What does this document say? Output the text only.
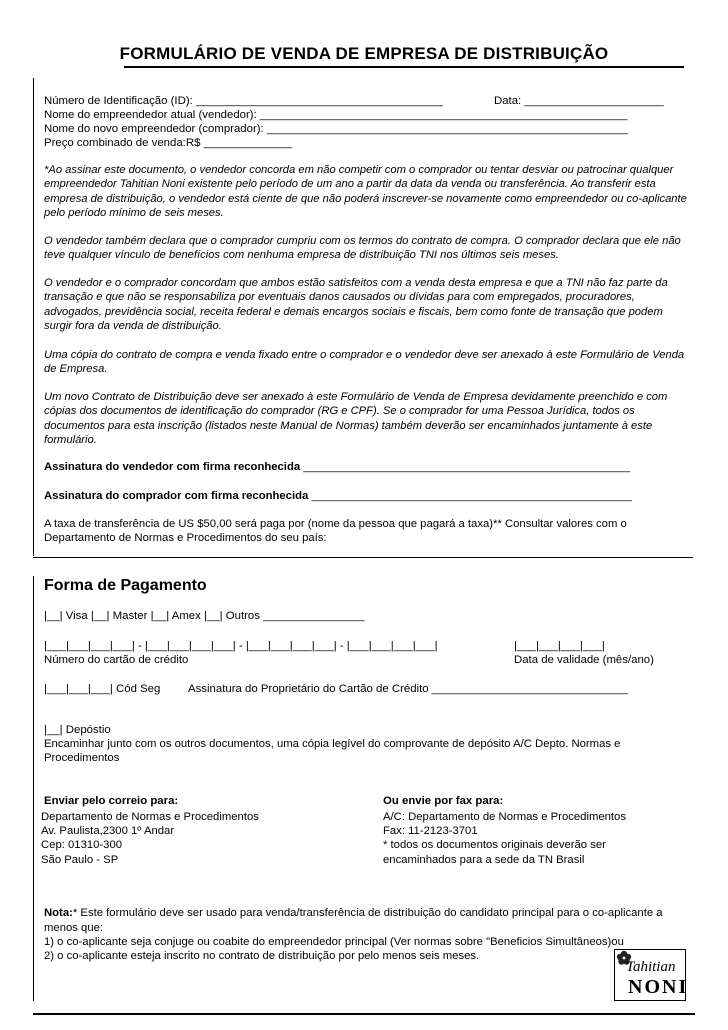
FORMULÁRIO DE VENDA DE EMPRESA DE DISTRIBUIÇÃO
Número de Identificação (ID): _______________________________________	Data: ______________________
Nome do empreendedor atual (vendedor): __________________________________________________________
Nome do novo empreendedor (comprador): _________________________________________________________
Preço combinado de venda:R$ ______________
*Ao assinar este documento, o vendedor concorda em não competir com o comprador ou tentar desviar ou patrocinar qualquer empreendedor Tahitian Noni existente pelo período de um ano a partir da data da venda ou transferência. Ao transferir esta empresa de distribuição, o vendedor está ciente de que não poderá inscrever-se novamente como empreendedor ou co-aplicante pelo período mínimo de seis meses.
O vendedor também declara que o comprador cumpriu com os termos do contrato de compra. O comprador declara que ele não teve qualquer vínculo de benefícios com nenhuma empresa de distribuição TNI nos últimos seis meses.
O vendedor e o comprador concordam que ambos estão satisfeitos com a venda desta empresa e que a TNI não faz parte da transação e que não se responsabiliza por eventuais danos causados ou dívidas para com empregados, procuradores, advogados, previdência social, receita federal e demais encargos sociais e fiscais, bem como fonte de transação que podem surgir fora da venda de distribuição.
Uma cópia do contrato de compra e venda fixado entre o comprador e o vendedor deve ser anexado à este Formulário de Venda de Empresa.
Um novo Contrato de Distribuição deve ser anexado à este Formulário de Venda de Empresa devidamente preenchido e com cópias dos documentos de identificação do comprador (RG e CPF). Se o comprador for uma Pessoa Jurídica, todos os documentos para esta inscrição (listados neste Manual de Normas) também deverão ser encaminhados juntamente à este formulário.
Assinatura do vendedor com firma reconhecida ____________________________________________________
Assinatura do comprador com firma reconhecida ___________________________________________________
A taxa de transferência de US $50,00 será paga por (nome da pessoa que pagará a taxa)** Consultar valores com o Departamento de Normas e Procedimentos do seu país:
Forma de Pagamento
|__| Visa |__| Master |__| Amex |__| Outros ________________
|___|___|___|___| - |___|___|___|___| - |___|___|___|___| - |___|___|___|___|
Número do cartão de crédito
|___|___|___|___|
Data de validade (mês/ano)
|___|___|___| Cód Seg Assinatura do Proprietário do Cartão de Crédito _______________________________
|__| Depóstio
Encaminhar junto com os outros documentos, uma cópia legível do comprovante de depósito A/C Depto. Normas e Procedimentos
Enviar pelo correio para:
Departamento de Normas e Procedimentos
Av. Paulista,2300 1º Andar
Cep: 01310-300
São Paulo - SP
Ou envie por fax para:
A/C: Departamento de Normas e Procedimentos
Fax: 11-2123-3701
* todos os documentos originais deverão ser
encaminhados para a sede da TN Brasil
Nota:* Este formulário deve ser usado para venda/transferência de distribuição do candidato principal para o co-aplicante a menos que:
1) o co-aplicante seja conjuge ou coabite do empreendedor principal (Ver normas sobre "Beneficios Simultâneos)ou
2) o co-aplicante esteja inscrito no contrato de distribuição por pelo menos seis meses.
Tahitian
NONI
